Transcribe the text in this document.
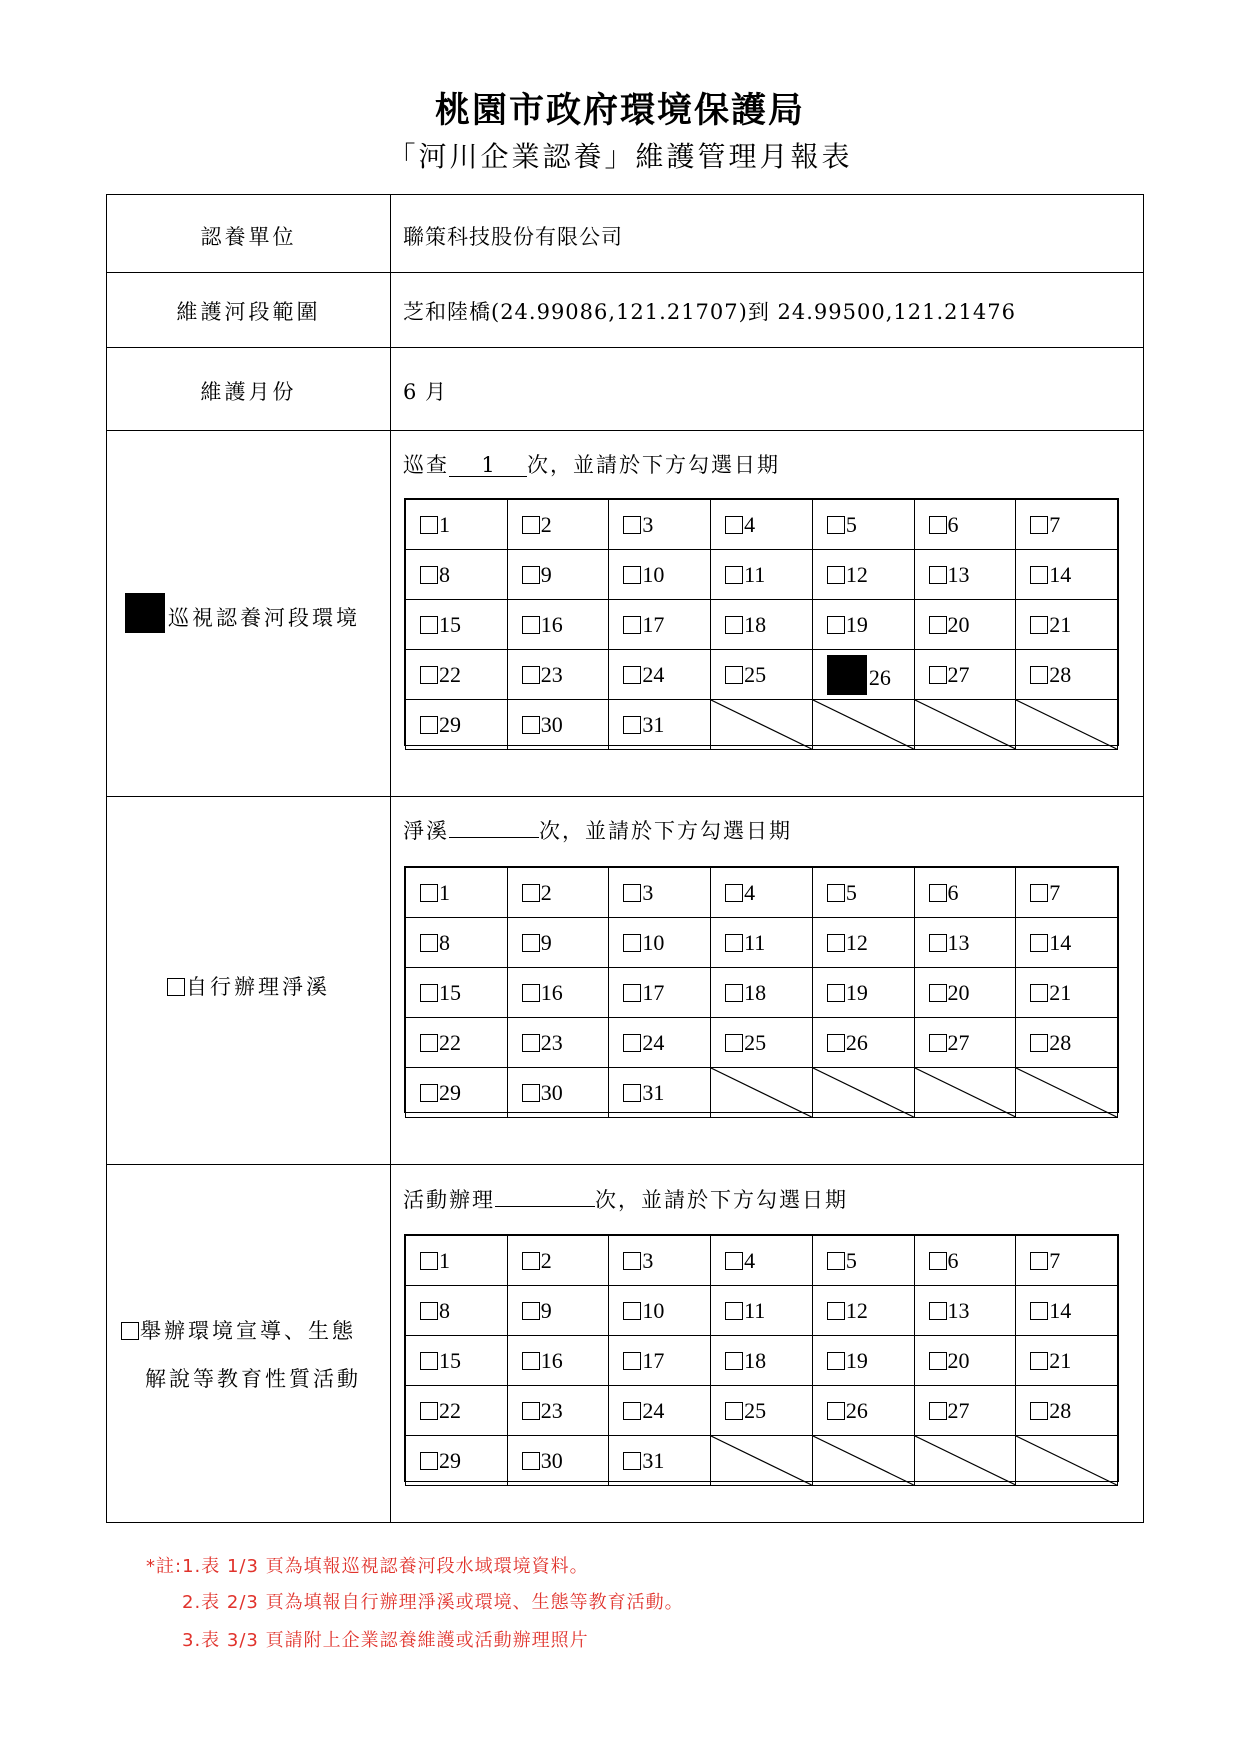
桃園市政府環境保護局
「河川企業認養」維護管理月報表
認養單位	聯策科技股份有限公司
維護河段範圍	芝和陸橋(24.99086,121.21707)到 24.99500,121.21476
維護月份	6 月
巡視認養河段環境
巡查 1 次，並請於下方勾選日期
自行辦理淨溪
淨溪	次，並請於下方勾選日期
舉辦環境宣導、生態
解說等教育性質活動
活動辦理	次，並請於下方勾選日期
1	2	3	4	5	6	7
8	9	10	11	12	13	14
15	16	17	18	19	20	21
22	23	24	25	26	27	28
29	30	31	

1	2	3	4	5	6	7
8	9	10	11	12	13	14
15	16	17	18	19	20	21
22	23	24	25	26	27	28
29	30	31	

1	2	3	4	5	6	7
8	9	10	11	12	13	14
15	16	17	18	19	20	21
22	23	24	25	26	27	28
29	30	31	

*註:1.表 1/3 頁為填報巡視認養河段水域環境資料。
2.表 2/3 頁為填報自行辦理淨溪或環境、生態等教育活動。
3.表 3/3 頁請附上企業認養維護或活動辦理照片
